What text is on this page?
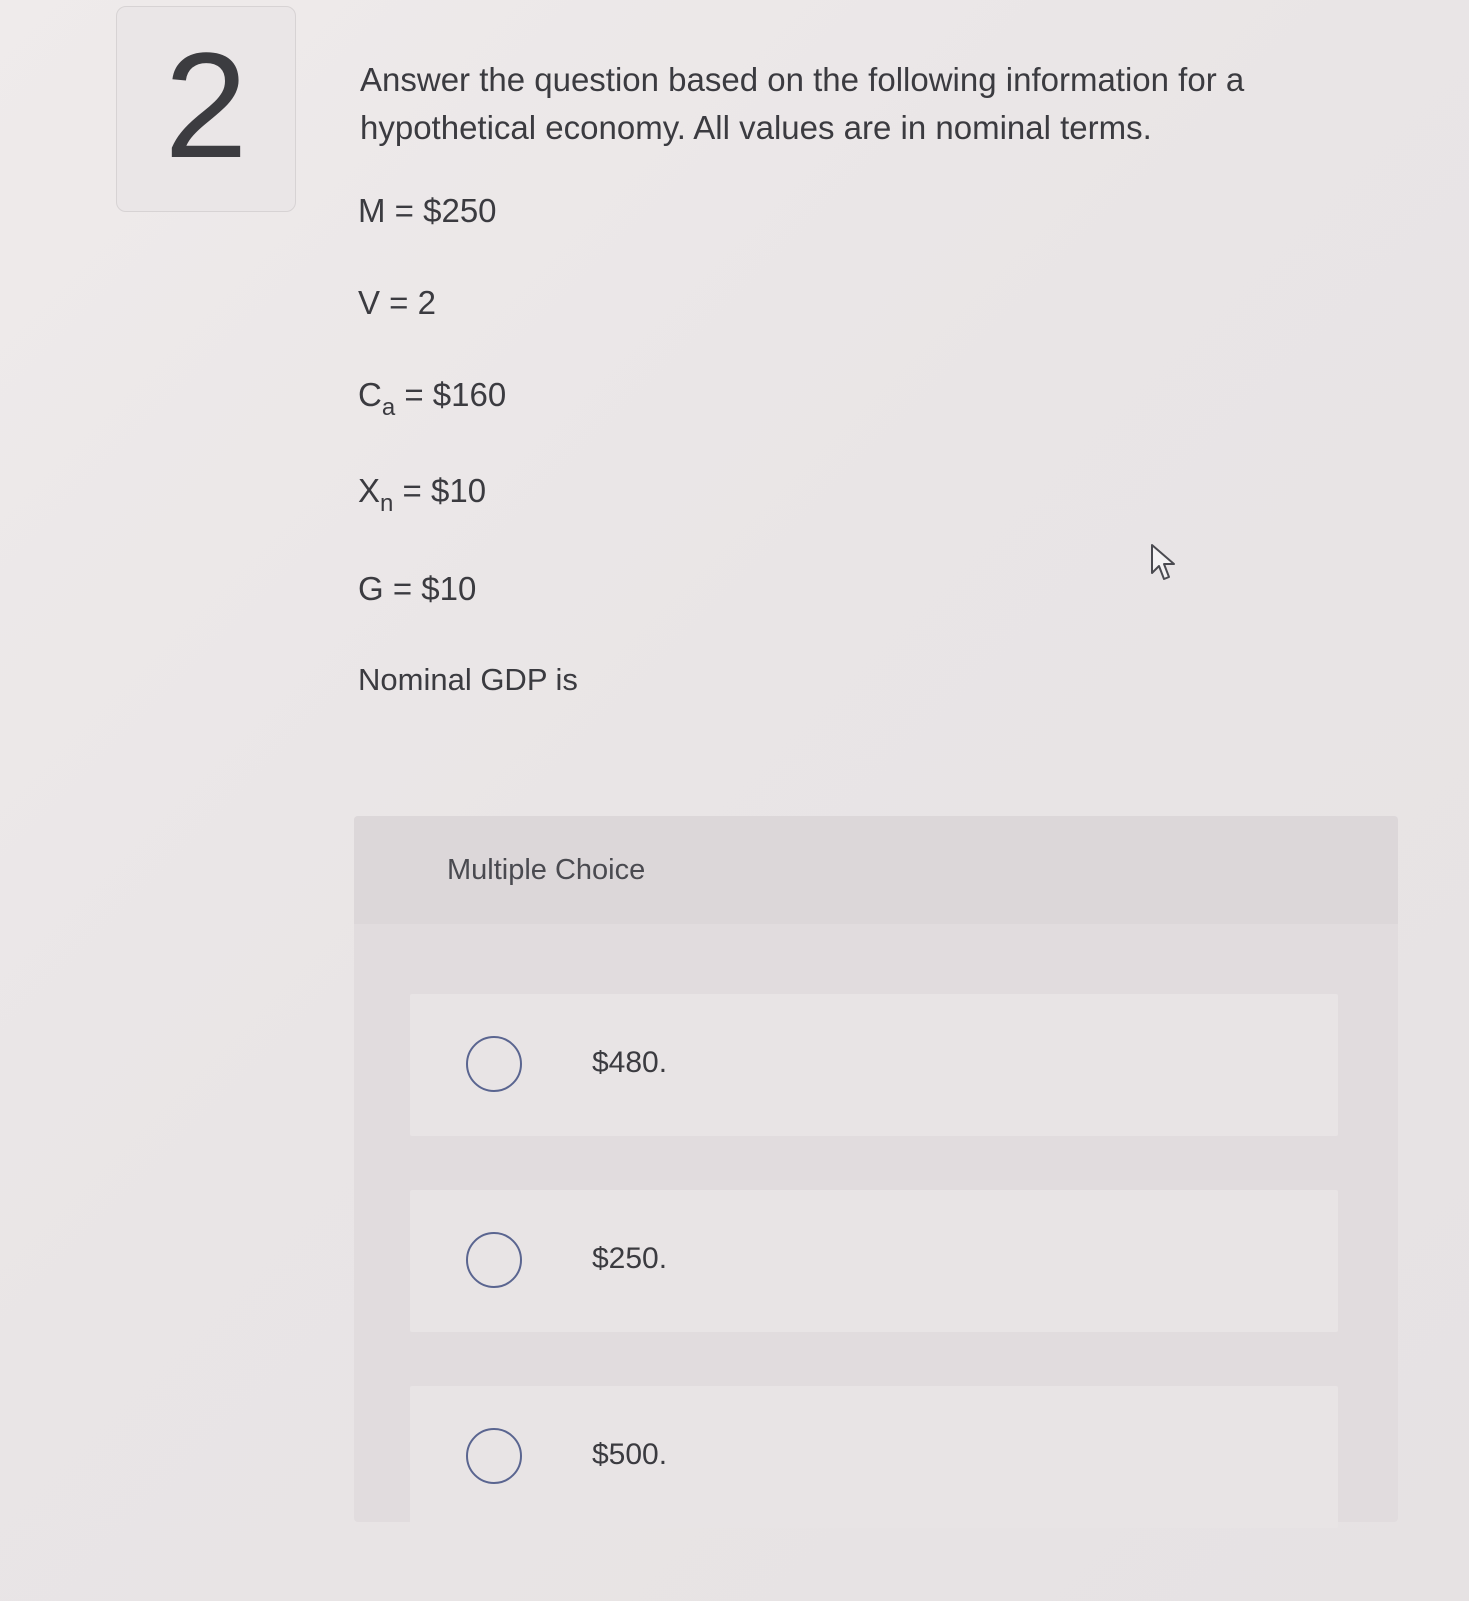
2	Answer the question based on the following information for a hypothetical economy. All values are in nominal terms.
M = $250
V = 2
$C_a$ = $160
$X_n$ = $10
G = $10
Nominal GDP is
Multiple Choice
$480.
$250.
$500.
